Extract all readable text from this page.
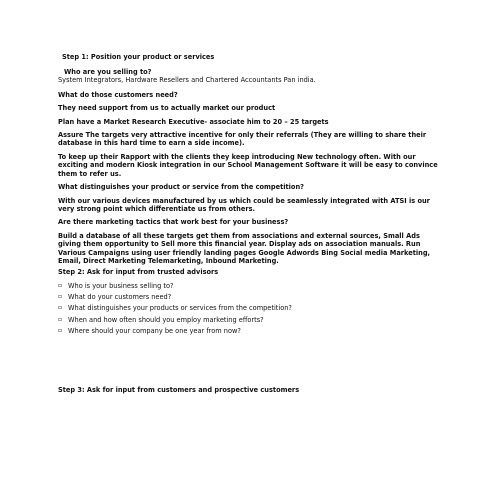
Step 1: Position your product or services
Who are you selling to?
System Integrators, Hardware Resellers and Chartered Accountants Pan india.
What do those customers need?
They need support from us to actually market our product
Plan have a Market Research Executive- associate him to 20 – 25 targets
Assure The targets very attractive incentive for only their referrals (They are willing to share their database in this hard time to earn a side income).
To keep up their Rapport with the clients they keep introducing New technology often. With our exciting and modern Kiosk integration in our School Management Software it will be easy to convince them to refer us.
What distinguishes your product or service from the competition?
With our various devices manufactured by us which could be seamlessly integrated with ATSI is our very strong point which differentiate us from others.
Are there marketing tactics that work best for your business?
Build a database of all these targets get them from associations and external sources, Small Ads giving them opportunity to Sell more this financial year. Display ads on association manuals. Run Various Campaigns using user friendly landing pages Google Adwords Bing Social media Marketing, Email, Direct Marketing Telemarketing, Inbound Marketing.
Step 2: Ask for input from trusted advisors
▫ Who is your business selling to?
▫ What do your customers need?
▫ What distinguishes your products or services from the competition?
▫ When and how often should you employ marketing efforts?
▫ Where should your company be one year from now?
Step 3: Ask for input from customers and prospective customers
